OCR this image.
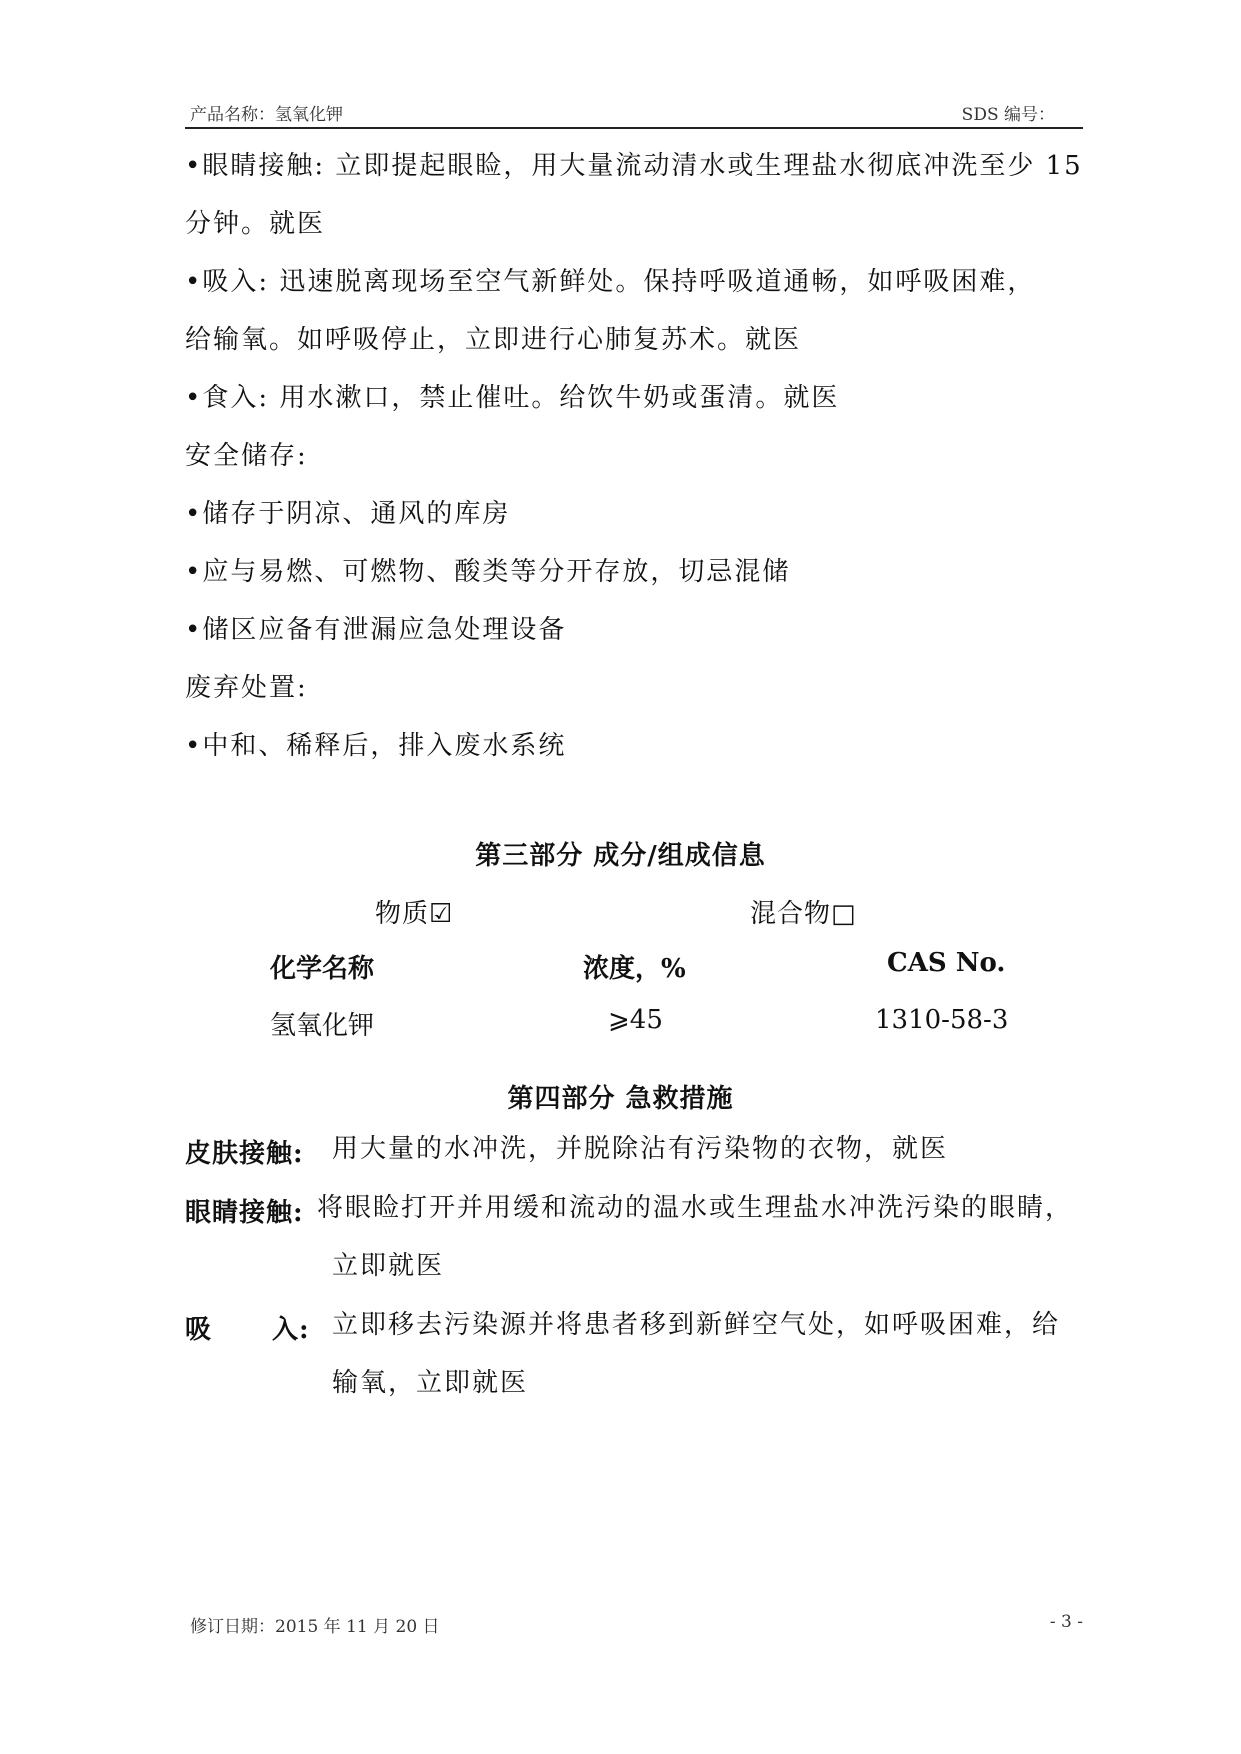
产品名称：氢氧化钾	SDS 编号：
•眼睛接触: 立即提起眼睑，用大量流动清水或生理盐水彻底冲洗至少 15
分钟。就医
•吸入: 迅速脱离现场至空气新鲜处。保持呼吸道通畅，如呼吸困难，
给输氧。如呼吸停止，立即进行心肺复苏术。就医
•食入: 用水漱口，禁止催吐。给饮牛奶或蛋清。就医
安全储存:
•储存于阴凉、通风的库房
•应与易燃、可燃物、酸类等分开存放，切忌混储
•储区应备有泄漏应急处理设备
废弃处置:
•中和、稀释后，排入废水系统
第三部分 成分/组成信息
物质☑	混合物□
化学名称	浓度，%	CAS No.
氢氧化钾	⩾45	1310-58-3
第四部分 急救措施
皮肤接触: 用大量的水冲洗，并脱除沾有污染物的衣物，就医
眼睛接触: 将眼睑打开并用缓和流动的温水或生理盐水冲洗污染的眼睛，
立即就医
吸 入: 立即移去污染源并将患者移到新鲜空气处，如呼吸困难，给
输氧，立即就医
修订日期：2015 年 11 月 20 日	- 3 -
